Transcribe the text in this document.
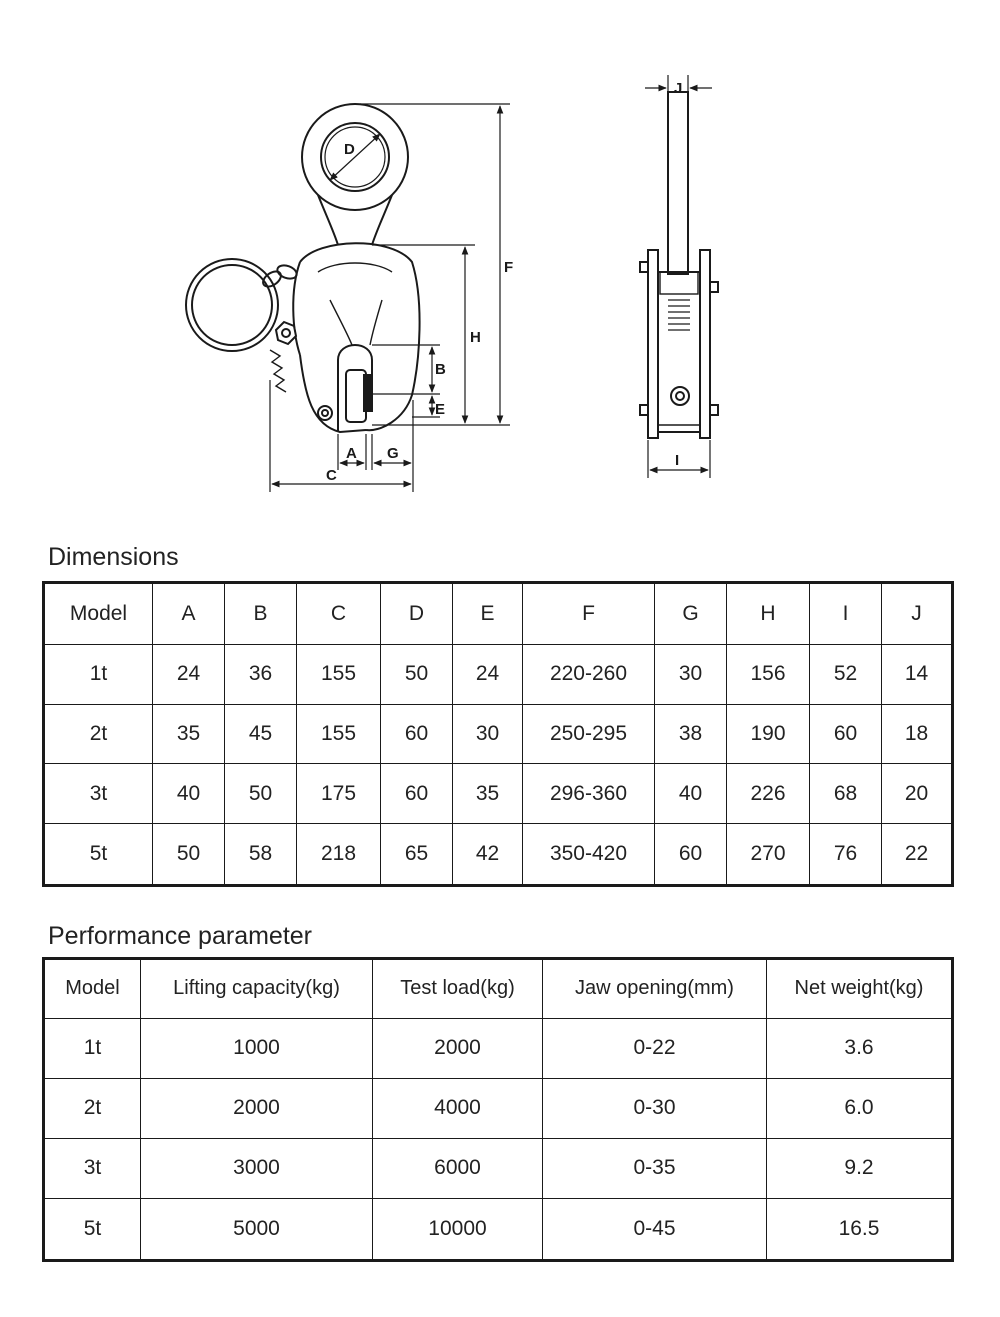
D
F
H
B
E
A G
C
J
I
Dimensions
Model	A	B	C	D	E	F	G	H	I	J
1t	24	36	155	50	24	220-260	30	156	52	14
2t	35	45	155	60	30	250-295	38	190	60	18
3t	40	50	175	60	35	296-360	40	226	68	20
5t	50	58	218	65	42	350-420	60	270	76	22
Performance parameter
Model	Lifting capacity(kg)	Test load(kg)	Jaw opening(mm)	Net weight(kg)
1t	1000	2000	0-22	3.6
2t	2000	4000	0-30	6.0
3t	3000	6000	0-35	9.2
5t	5000	10000	0-45	16.5
